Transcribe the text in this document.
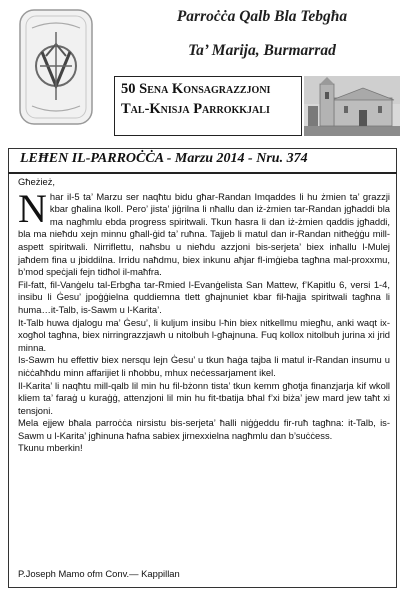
Parroċċa Qalb Bla Tebgħa
Ta’ Marija, Burmarrad
50 Sena Konsagrazzjoni
Tal-Knisja Parrokkjali
LEĦEN IL-PARROĊĊA - Marzu 2014 - Nru. 374

Għeżież,

Nhar il-5 ta’ Marzu ser naqħtu bidu għar-Randan Imqaddes li hu żmien ta’ grazzji kbar għalina lkoll. Pero’ jista’ jiġrilna li nħallu dan iż-żmien tar-Randan jgħaddi bla ma nagħmlu ebda progress spiritwali. Tkun ħasra li dan iż-żmien qaddis jgħaddi, bla ma nieħdu xejn minnu għall-ġid ta’ ruħna. Tajjeb li matul dan ir-Randan nitħeġġu mill-aspett spiritwali. Nirriflettu, naħsbu u nieħdu azzjoni bis-serjeta’ biex inħallu l-Mulej jaħdem fina u jbiddilna. Irridu naħdmu, biex inkunu aħjar fl-imġieba tagħna mal-proxxmu, b’mod speċjali fejn tidħol il-maħfra.

Fil-fatt, fil-Vanġelu tal-Erbgħa tar-Rmied l-Evanġelista San Mattew, f’Kapitlu 6, versi 1-4, insibu li Ġesu’ jpoġġielna quddiemna tlett għajnuniet kbar fil-ħajja spiritwali tagħna li huma…it-Talb, is-Sawm u l-Karita’.

It-Talb huwa djalogu ma’ Ġesu’, li kuljum insibu l-ħin biex nitkellmu miegħu, anki waqt ix-xogħol tagħna, biex nirringrazzjawh u nitolbuh l-għajnuna. Fuq kollox nitolbuh jurina xi jrid minna.

Is-Sawm hu effettiv biex nersqu lejn Ġesu’ u tkun ħaġa tajba li matul ir-Randan insumu u niċċaħħdu minn affarijiet li nħobbu, mhux neċessarjament ikel.

Il-Karita’ li naqħtu mill-qalb lil min hu fil-bżonn tista’ tkun kemm għotja finanzjarja kif wkoll kliem ta’ faraġ u kuraġġ, attenzjoni lil min hu fit-tbatija bħal f’xi biża’ jew mard jew taħt xi tensjoni.

Mela ejjew bħala parroċċa nirsistu bis-serjeta’ ħalli niġġeddu fir-ruħ tagħna: it-Talb, is-Sawm u l-Karita’ jgħinuna ħafna sabiex jirnexxielna nagħmlu dan b’suċċess.

Tkunu mberkin!

P.Joseph Mamo ofm Conv.— Kappillan
